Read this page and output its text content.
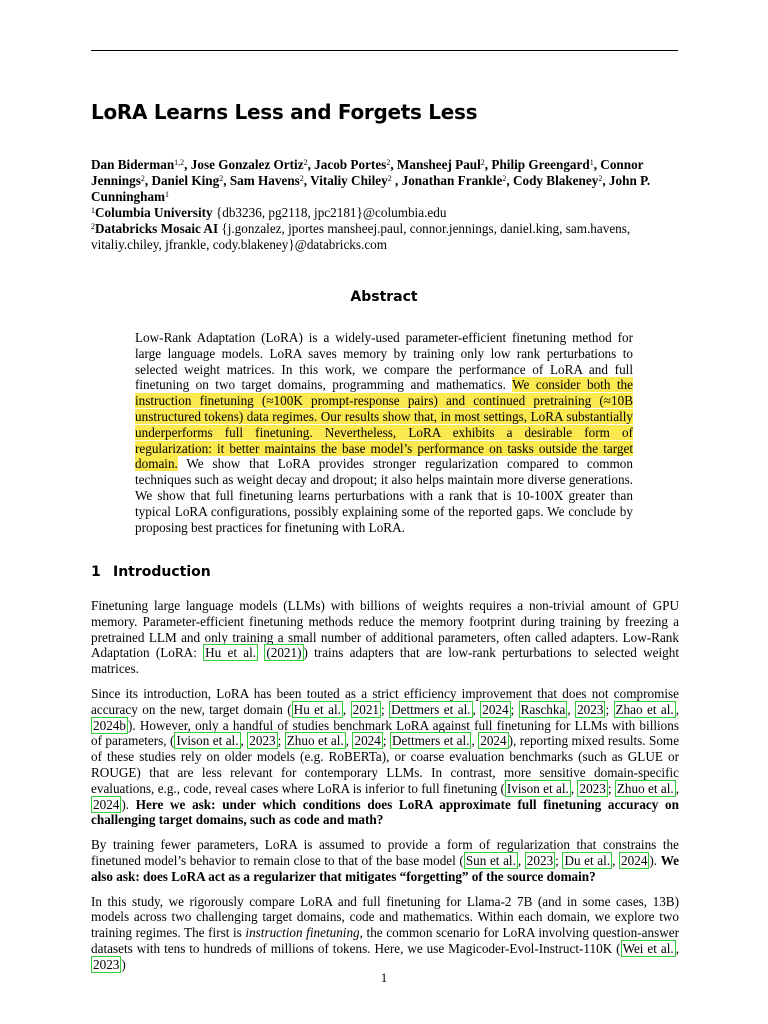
LoRA Learns Less and Forgets Less
Dan Biderman$^{1,2}$, Jose Gonzalez Ortiz$^2$, Jacob Portes$^2$, Mansheej Paul$^2$, Philip Greengard$^1$, Connor Jennings$^2$, Daniel King$^2$, Sam Havens$^2$, Vitaliy Chiley$^2$ , Jonathan Frankle$^2$, Cody Blakeney$^2$, John P. Cunningham$^1$
$^1$Columbia University {db3236, pg2118, jpc2181}@columbia.edu
$^2$Databricks Mosaic AI {j.gonzalez, jportes mansheej.paul, connor.jennings, daniel.king, sam.havens, vitaliy.chiley, jfrankle, cody.blakeney}@databricks.com
Abstract
Low-Rank Adaptation (LoRA) is a widely-used parameter-efficient finetuning method for large language models. LoRA saves memory by training only low rank perturbations to selected weight matrices. In this work, we compare the performance of LoRA and full finetuning on two target domains, programming and mathematics. We consider both the instruction finetuning (≈100K prompt-response pairs) and continued pretraining (≈10B unstructured tokens) data regimes. Our results show that, in most settings, LoRA substantially underperforms full finetuning. Nevertheless, LoRA exhibits a desirable form of regularization: it better maintains the base model’s performance on tasks outside the target domain. We show that LoRA provides stronger regularization compared to common techniques such as weight decay and dropout; it also helps maintain more diverse generations. We show that full finetuning learns perturbations with a rank that is 10-100X greater than typical LoRA configurations, possibly explaining some of the reported gaps. We conclude by proposing best practices for finetuning with LoRA.
1 Introduction

Finetuning large language models (LLMs) with billions of weights requires a non-trivial amount of GPU memory. Parameter-efficient finetuning methods reduce the memory footprint during training by freezing a pretrained LLM and only training a small number of additional parameters, often called adapters. Low-Rank Adaptation (LoRA: Hu et al. (2021) ) trains adapters that are low-rank perturbations to selected weight matrices.

Since its introduction, LoRA has been touted as a strict efficiency improvement that does not compromise accuracy on the new, target domain ( Hu et al. , 2021 ; Dettmers et al. , 2024 ; Raschka , 2023 ; Zhao et al. , 2024b ). However, only a handful of studies benchmark LoRA against full finetuning for LLMs with billions of parameters, ( Ivison et al. , 2023 ; Zhuo et al. , 2024 ; Dettmers et al. , 2024 ), reporting mixed results. Some of these studies rely on older models (e.g. RoBERTa), or coarse evaluation benchmarks (such as GLUE or ROUGE) that are less relevant for contemporary LLMs. In contrast, more sensitive domain-specific evaluations, e.g., code, reveal cases where LoRA is inferior to full finetuning ( Ivison et al. , 2023 ; Zhuo et al. , 2024 ). Here we ask: under which conditions does LoRA approximate full finetuning accuracy on challenging target domains, such as code and math?

By training fewer parameters, LoRA is assumed to provide a form of regularization that constrains the finetuned model’s behavior to remain close to that of the base model ( Sun et al. , 2023 ; Du et al. , 2024 ). We also ask: does LoRA act as a regularizer that mitigates “forgetting” of the source domain?

In this study, we rigorously compare LoRA and full finetuning for Llama-2 7B (and in some cases, 13B) models across two challenging target domains, code and mathematics. Within each domain, we explore two training regimes. The first is instruction finetuning, the common scenario for LoRA involving question-answer datasets with tens to hundreds of millions of tokens. Here, we use Magicoder-Evol-Instruct-110K ( Wei et al. , 2023 )

1
